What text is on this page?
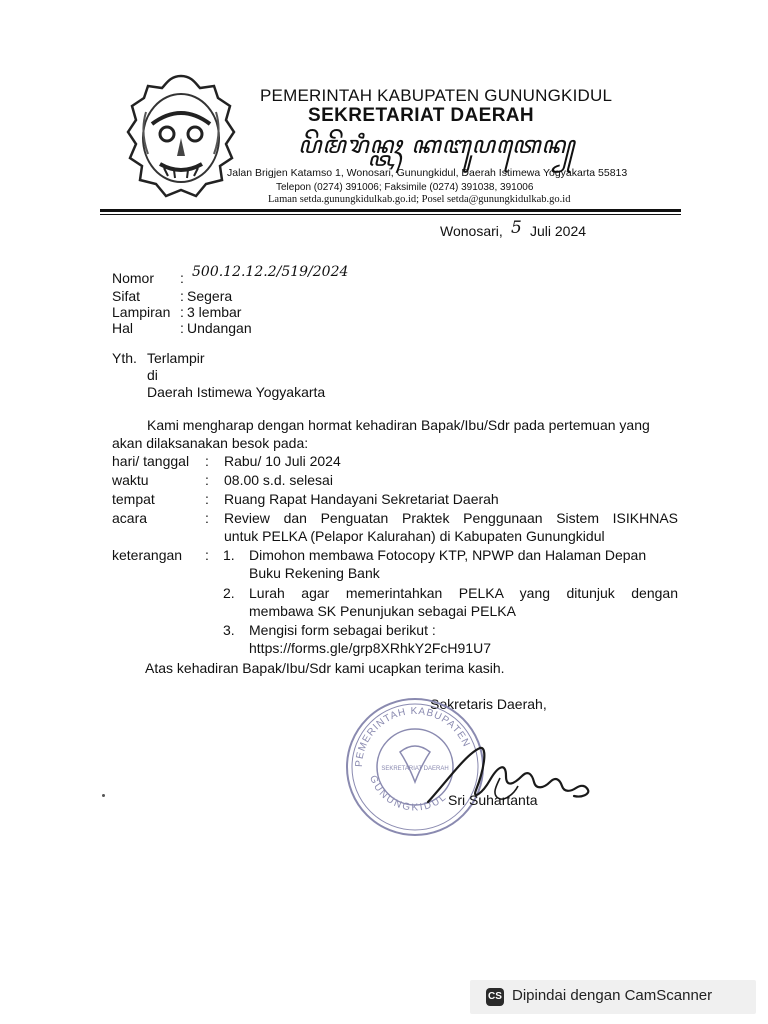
PEMERINTAH KABUPATEN GUNUNGKIDUL
SEKRETARIAT DAERAH
ꦥꦼꦩꦼꦫꦶꦤ꧀ꦠꦃ ꦏꦧꦸꦥꦠꦺꦤ꧀
Jalan Brigjen Katamso 1, Wonosari, Gunungkidul, Daerah Istimewa Yogyakarta 55813
Telepon (0274) 391006; Faksimile (0274) 391038, 391006
Laman setda.gunungkidulkab.go.id; Posel setda@gunungkidulkab.go.id
Wonosari, 5 Juli 2024
Nomor : 500.12.12.2/519/2024
Sifat	: Segera
Lampiran : 3 lembar
Hal	: Undangan
Yth. Terlampir
di
Daerah Istimewa Yogyakarta
Kami mengharap dengan hormat kehadiran Bapak/Ibu/Sdr pada pertemuan yang
akan dilaksanakan besok pada:
hari/ tanggal : Rabu/ 10 Juli 2024
waktu	: 08.00 s.d. selesai
tempat	: Ruang Rapat Handayani Sekretariat Daerah
acara	: Review dan Penguatan Praktek Penggunaan Sistem ISIKHNAS
untuk PELKA (Pelapor Kalurahan) di Kabupaten Gunungkidul
keterangan : 1. Dimohon membawa Fotocopy KTP, NPWP dan Halaman Depan
Buku Rekening Bank
2. Lurah agar memerintahkan PELKA yang ditunjuk dengan
membawa SK Penunjukan sebagai PELKA
3. Mengisi form sebagai berikut :
https://forms.gle/grp8XRhkY2FcH91U7
Atas kehadiran Bapak/Ibu/Sdr kami ucapkan terima kasih.
Sekretaris Daerah,
PEMERINTAH KABUPATEN
GUNUNGKIDUL
SEKRETARIAT DAERAH
Sri Suhartanta
CS Dipindai dengan CamScanner
